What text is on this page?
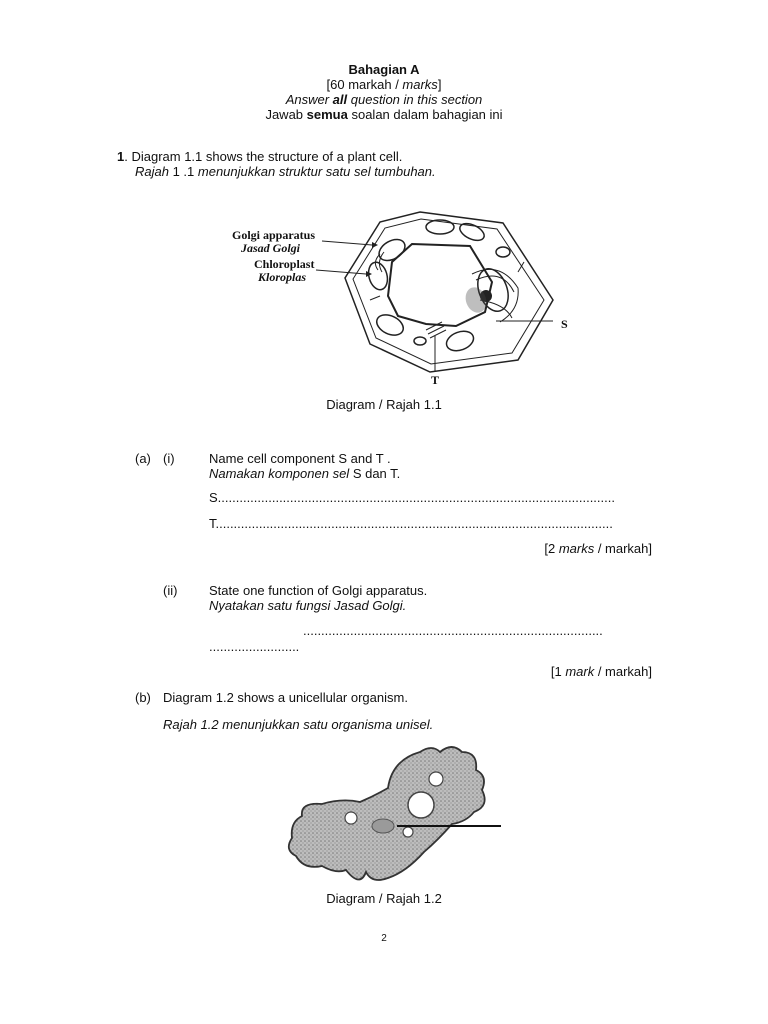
Bahagian A
[60 markah / marks]
Answer all question in this section
Jawab semua soalan dalam bahagian ini
1. Diagram 1.1 shows the structure of a plant cell.
Rajah 1 .1 menunjukkan struktur satu sel tumbuhan.
Golgi apparatus
Jasad Golgi
Chloroplast
Kloroplas
S
T
Diagram / Rajah 1.1
(a) (i)	Name cell component S and T .
Namakan komponen sel S dan T.
S..............................................................................................................
T..............................................................................................................
[2 marks / markah]
(ii) State one function of Golgi apparatus.
Nyatakan satu fungsi Jasad Golgi.
...................................................................................
.........................
[1 mark / markah]
(b) Diagram 1.2 shows a unicellular organism.
Rajah 1.2 menunjukkan satu organisma unisel.
Diagram / Rajah 1.2
2
